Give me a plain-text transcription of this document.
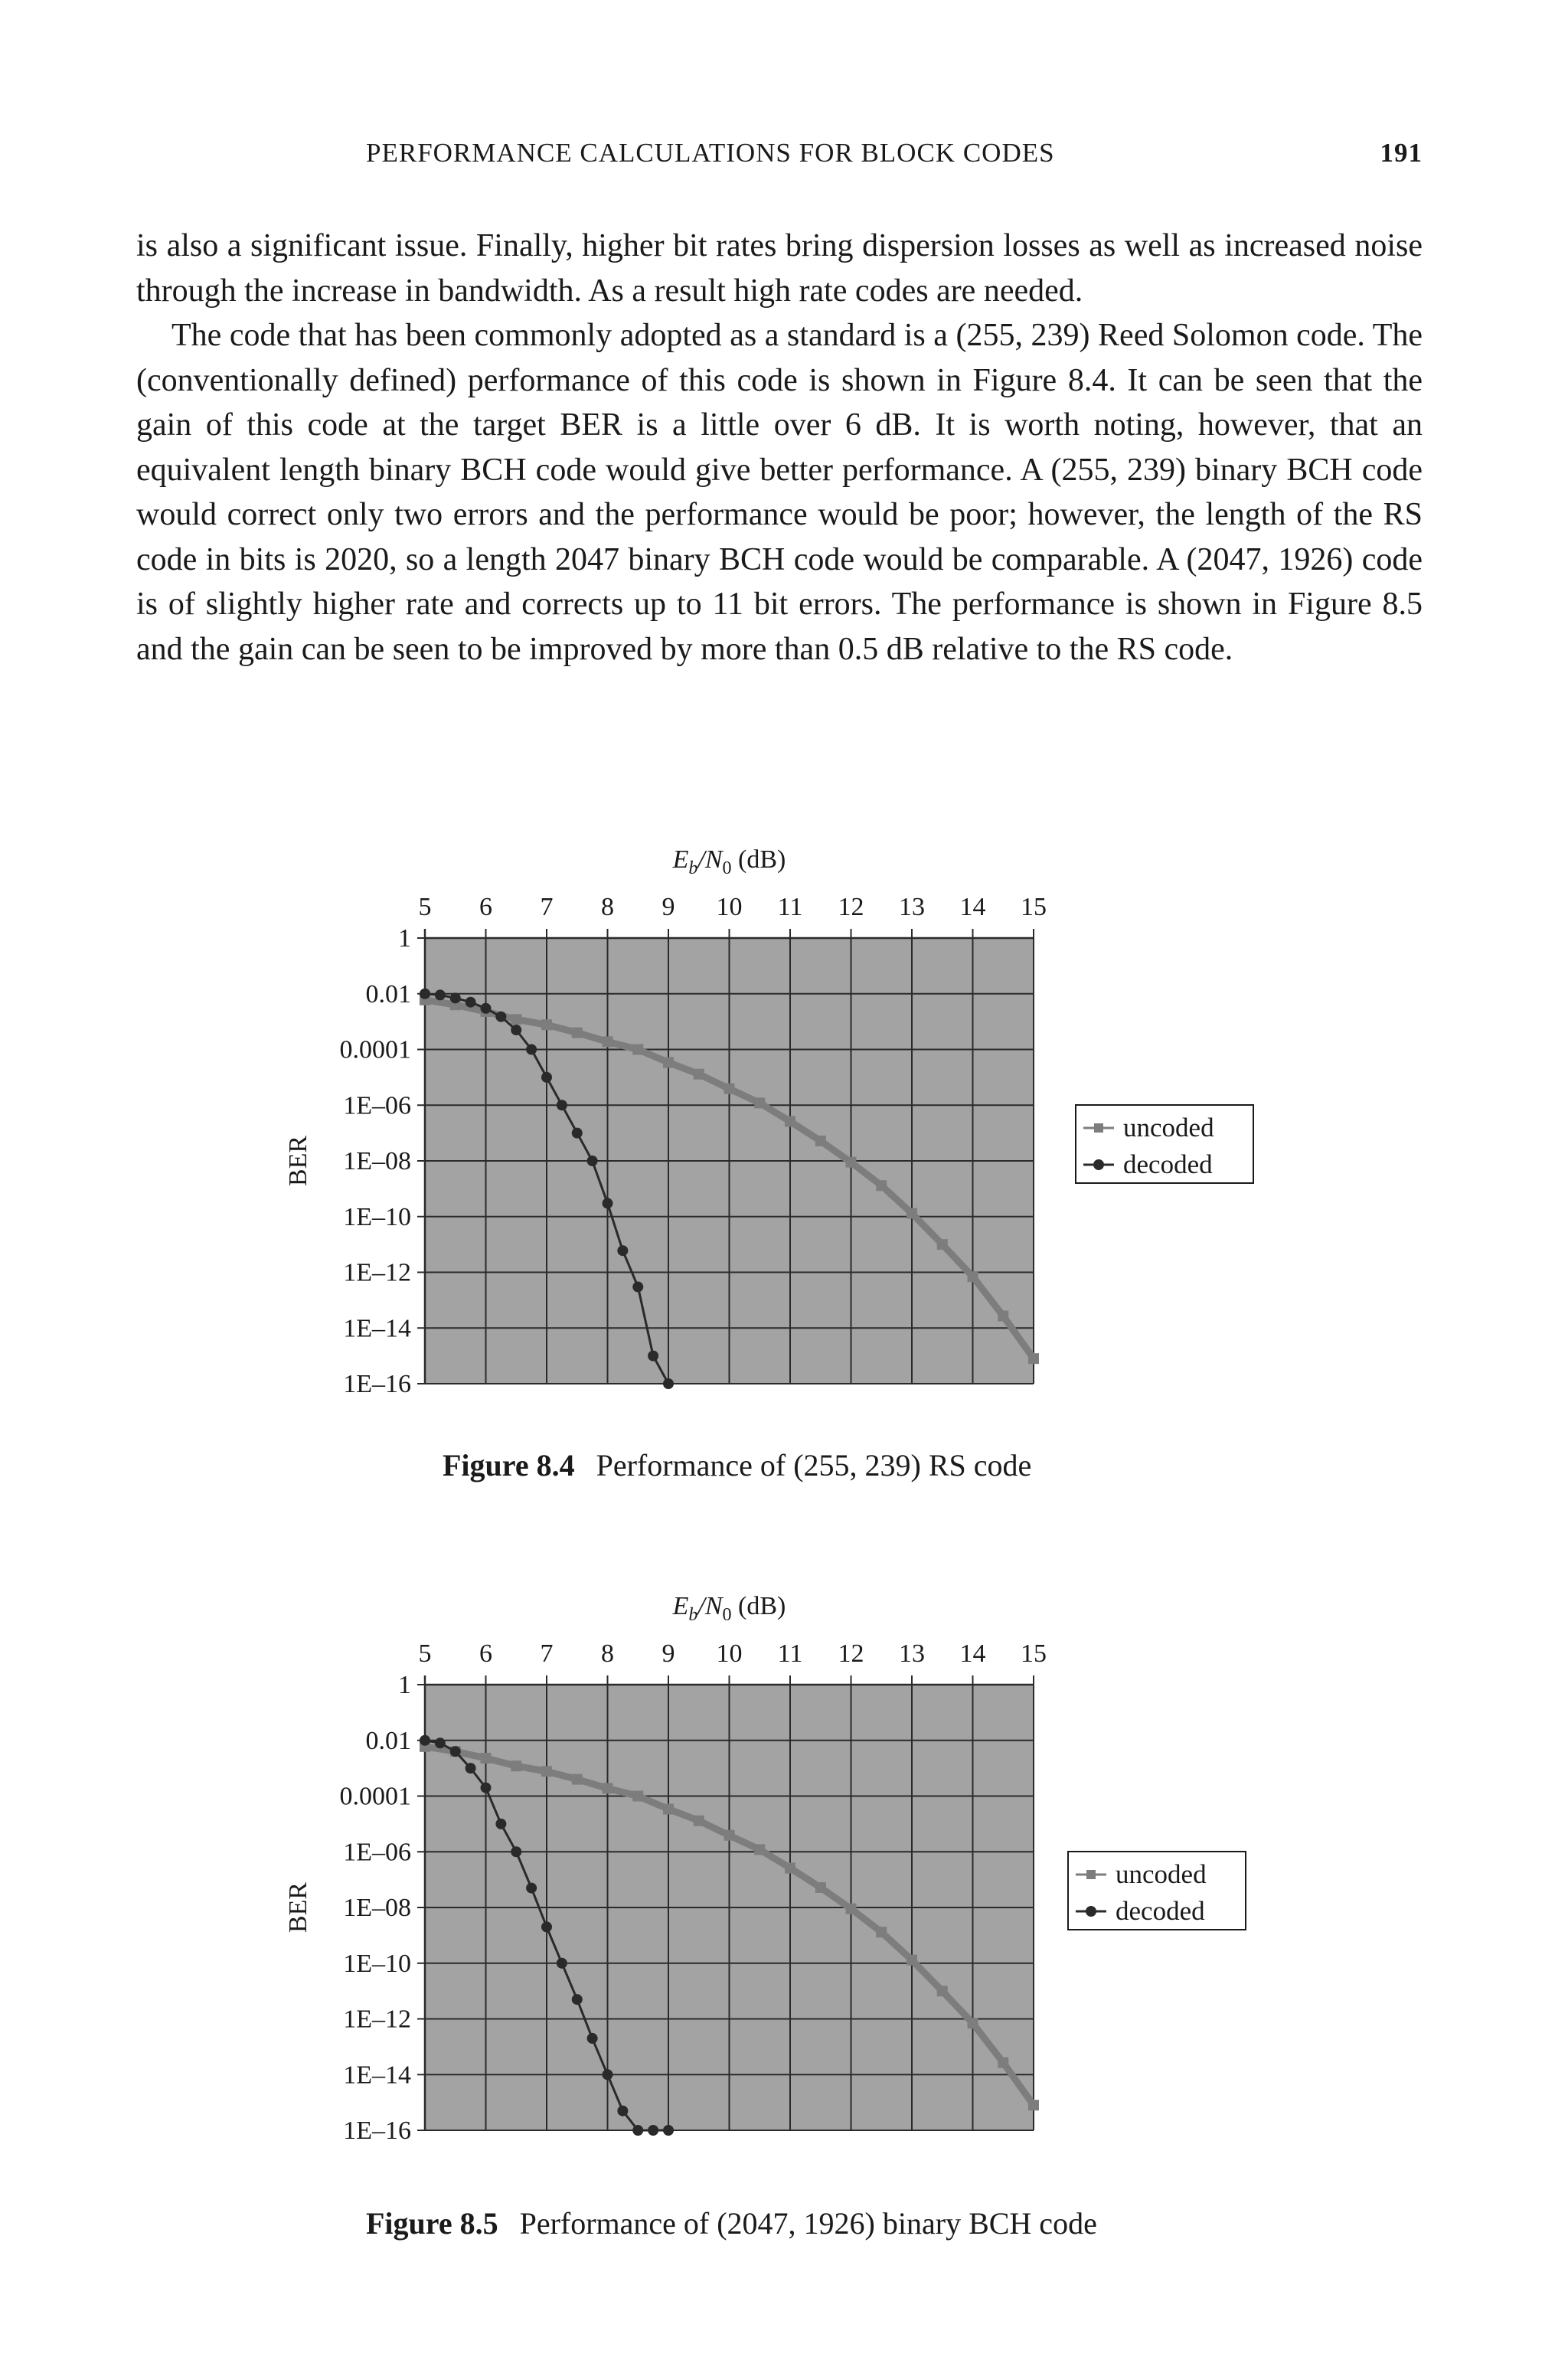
PERFORMANCE CALCULATIONS FOR BLOCK CODES	191

is also a significant issue. Finally, higher bit rates bring dispersion losses as well as increased noise through the increase in bandwidth. As a result high rate codes are needed.

The code that has been commonly adopted as a standard is a (255, 239) Reed Solomon code. The (conventionally defined) performance of this code is shown in Figure 8.4. It can be seen that the gain of this code at the target BER is a little over 6 dB. It is worth noting, however, that an equivalent length binary BCH code would give better performance. A (255, 239) binary BCH code would correct only two errors and the performance would be poor; however, the length of the RS code in bits is 2020, so a length 2047 binary BCH code would be comparable. A (2047, 1926) code is of slightly higher rate and corrects up to 11 bit errors. The performance is shown in Figure 8.5 and the gain can be seen to be improved by more than 0.5 dB relative to the RS code.

5 6 7 8 9 10 11 12 13 14 15
1
0.01
0.0001
1E–06
1E–08
1E–10
1E–12
1E–14
1E–16
$E_b/N_0$ (dB)
BER
uncoded
decoded
Figure 8.4 Performance of (255, 239) RS code
5 6 7 8 9 10 11 12 13 14 15
1
0.01
0.0001
1E–06
1E–08
1E–10
1E–12
1E–14
1E–16
$E_b/N_0$ (dB)
BER
uncoded
decoded
Figure 8.5 Performance of (2047, 1926) binary BCH code
